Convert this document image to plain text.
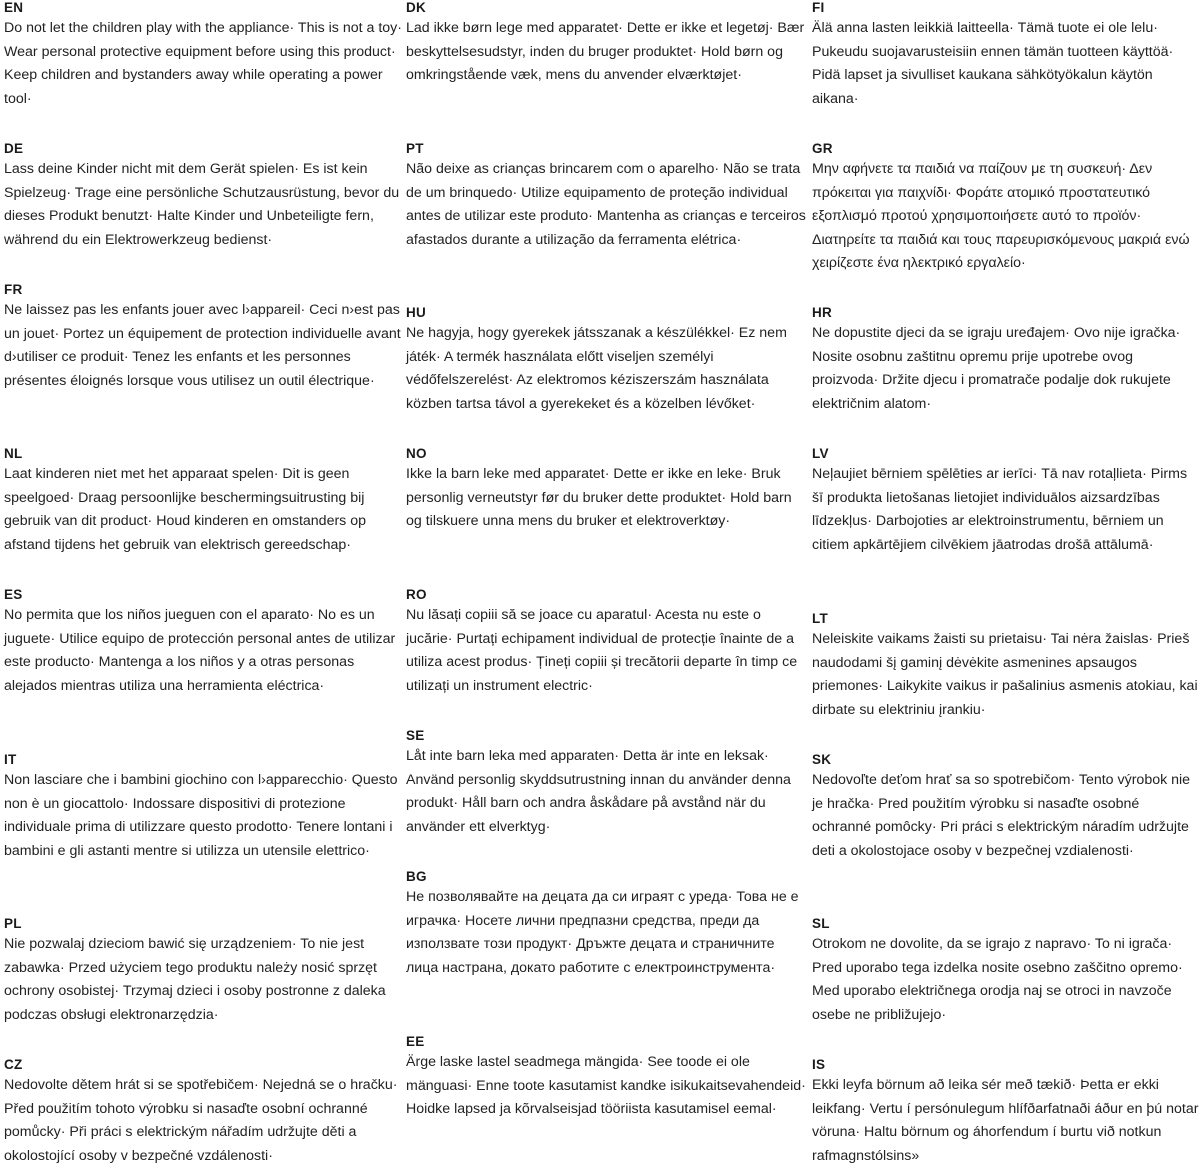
EN
Do not let the children play with the appliance· This is not a toy· Wear personal protective equipment before using this product· Keep children and bystanders away while operating a power tool·
DE
Lass deine Kinder nicht mit dem Gerät spielen· Es ist kein Spielzeug· Trage eine persönliche Schutzausrüstung, bevor du dieses Produkt benutzt· Halte Kinder und Unbeteiligte fern, während du ein Elektrowerkzeug bedienst·
FR
Ne laissez pas les enfants jouer avec l›appareil· Ceci n›est pas un jouet· Portez un équipement de protection individuelle avant d›utiliser ce produit· Tenez les enfants et les personnes présentes éloignés lorsque vous utilisez un outil électrique·
NL
Laat kinderen niet met het apparaat spelen· Dit is geen speelgoed· Draag persoonlijke beschermingsuitrusting bij gebruik van dit product· Houd kinderen en omstanders op afstand tijdens het gebruik van elektrisch gereedschap·
ES
No permita que los niños jueguen con el aparato· No es un juguete· Utilice equipo de protección personal antes de utilizar este producto· Mantenga a los niños y a otras personas alejados mientras utiliza una herramienta eléctrica·
IT
Non lasciare che i bambini giochino con l›apparecchio· Questo non è un giocattolo· Indossare dispositivi di protezione individuale prima di utilizzare questo prodotto· Tenere lontani i bambini e gli astanti mentre si utilizza un utensile elettrico·
PL
Nie pozwalaj dzieciom bawić się urządzeniem· To nie jest zabawka· Przed użyciem tego produktu należy nosić sprzęt ochrony osobistej· Trzymaj dzieci i osoby postronne z daleka podczas obsługi elektronarzędzia·
CZ
Nedovolte dětem hrát si se spotřebičem· Nejedná se o hračku· Před použitím tohoto výrobku si nasaďte osobní ochranné pomůcky· Při práci s elektrickým nářadím udržujte děti a okolostojící osoby v bezpečné vzdálenosti·
DK
Lad ikke børn lege med apparatet· Dette er ikke et legetøj· Bær beskyttelsesudstyr, inden du bruger produktet· Hold børn og omkringstående væk, mens du anvender elværktøjet·
PT
Não deixe as crianças brincarem com o aparelho· Não se trata de um brinquedo· Utilize equipamento de proteção individual antes de utilizar este produto· Mantenha as crianças e terceiros afastados durante a utilização da ferramenta elétrica·
HU
Ne hagyja, hogy gyerekek játsszanak a készülékkel· Ez nem játék· A termék használata előtt viseljen személyi védőfelszerelést· Az elektromos kéziszerszám használata közben tartsa távol a gyerekeket és a közelben lévőket·
NO
Ikke la barn leke med apparatet· Dette er ikke en leke· Bruk personlig verneutstyr før du bruker dette produktet· Hold barn og tilskuere unna mens du bruker et elektroverktøy·
RO
Nu lăsați copiii să se joace cu aparatul· Acesta nu este o jucărie· Purtați echipament individual de protecție înainte de a utiliza acest produs· Țineți copiii și trecătorii departe în timp ce utilizați un instrument electric·
SE
Låt inte barn leka med apparaten· Detta är inte en leksak· Använd personlig skyddsutrustning innan du använder denna produkt· Håll barn och andra åskådare på avstånd när du använder ett elverktyg·
BG
Не позволявайте на децата да си играят с уреда· Това не е играчка· Носете лични предпазни средства, преди да използвате този продукт· Дръжте децата и страничните лица настрана, докато работите с електроинструмента·
EE
Ärge laske lastel seadmega mängida· See toode ei ole mänguasi· Enne toote kasutamist kandke isikukaitsevahendeid· Hoidke lapsed ja kõrvalseisjad tööriista kasutamisel eemal·
FI
Älä anna lasten leikkiä laitteella· Tämä tuote ei ole lelu· Pukeudu suojavarusteisiin ennen tämän tuotteen käyttöä· Pidä lapset ja sivulliset kaukana sähkötyökalun käytön aikana·
GR
Μην αφήνετε τα παιδιά να παίζουν με τη συσκευή· Δεν πρόκειται για παιχνίδι· Φοράτε ατομικό προστατευτικό εξοπλισμό προτού χρησιμοποιήσετε αυτό το προϊόν· Διατηρείτε τα παιδιά και τους παρευρισκόμενους μακριά ενώ χειρίζεστε ένα ηλεκτρικό εργαλείο·
HR
Ne dopustite djeci da se igraju uređajem· Ovo nije igračka· Nosite osobnu zaštitnu opremu prije upotrebe ovog proizvoda· Držite djecu i promatrače podalje dok rukujete električnim alatom·
LV
Neļaujiet bērniem spēlēties ar ierīci· Tā nav rotaļlieta· Pirms šī produkta lietošanas lietojiet individuālos aizsardzības līdzekļus· Darbojoties ar elektroinstrumentu, bērniem un citiem apkārtējiem cilvēkiem jāatrodas drošā attālumā·
LT
Neleiskite vaikams žaisti su prietaisu· Tai nėra žaislas· Prieš naudodami šį gaminį dėvėkite asmenines apsaugos priemones· Laikykite vaikus ir pašalinius asmenis atokiau, kai dirbate su elektriniu įrankiu·
SK
Nedovoľte deťom hrať sa so spotrebičom· Tento výrobok nie je hračka· Pred použitím výrobku si nasaďte osobné ochranné pomôcky· Pri práci s elektrickým náradím udržujte deti a okolostojace osoby v bezpečnej vzdialenosti·
SL
Otrokom ne dovolite, da se igrajo z napravo· To ni igrača· Pred uporabo tega izdelka nosite osebno zaščitno opremo· Med uporabo električnega orodja naj se otroci in navzoče osebe ne približujejo·
IS
Ekki leyfa börnum að leika sér með tækið· Þetta er ekki leikfang· Vertu í persónulegum hlífðarfatnaði áður en þú notar vöruna· Haltu börnum og áhorfendum í burtu við notkun rafmagnstólsins»
